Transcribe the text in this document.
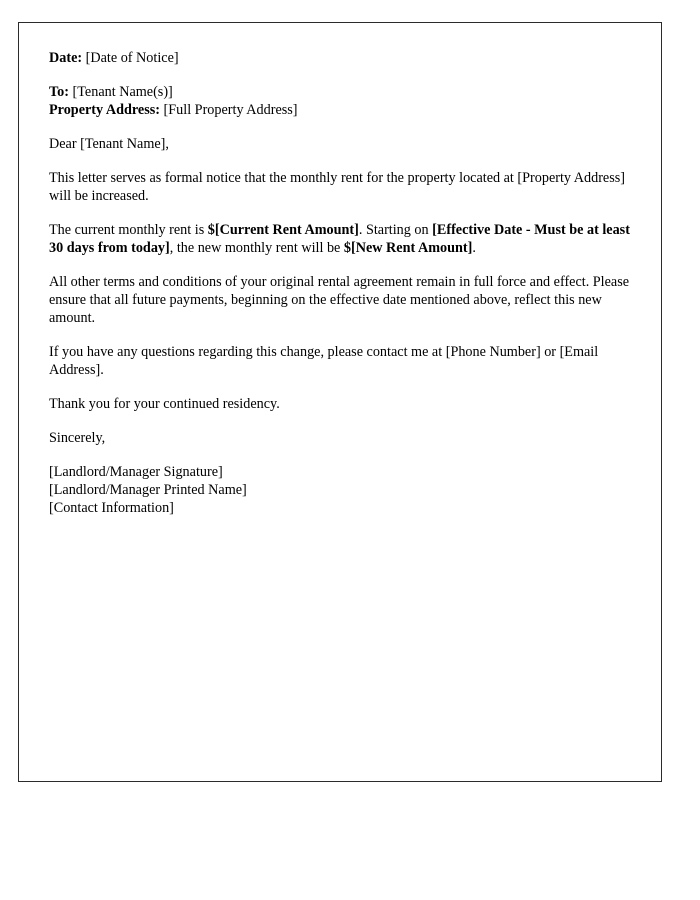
Date: [Date of Notice]
To: [Tenant Name(s)]
Property Address: [Full Property Address]
Dear [Tenant Name],
This letter serves as formal notice that the monthly rent for the property located at [Property Address] will be increased.
The current monthly rent is $[Current Rent Amount]. Starting on [Effective Date - Must be at least 30 days from today], the new monthly rent will be $[New Rent Amount].
All other terms and conditions of your original rental agreement remain in full force and effect. Please ensure that all future payments, beginning on the effective date mentioned above, reflect this new amount.
If you have any questions regarding this change, please contact me at [Phone Number] or [Email Address].
Thank you for your continued residency.
Sincerely,
[Landlord/Manager Signature]
[Landlord/Manager Printed Name]
[Contact Information]
